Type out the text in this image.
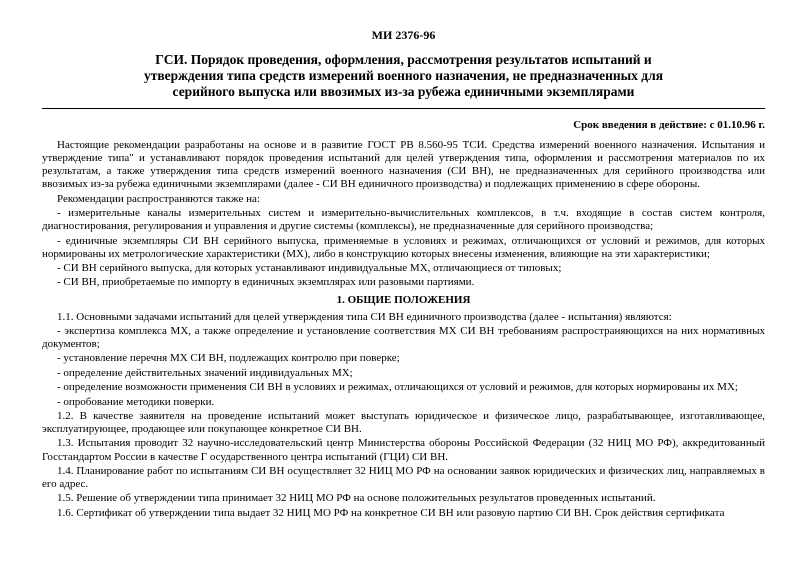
МИ 2376-96
ГСИ. Порядок проведения, оформления, рассмотрения результатов испытаний и утверждения типа средств измерений военного назначения, не предназначенных для серийного выпуска или ввозимых из-за рубежа единичными экземплярами
Срок введения в действие: с 01.10.96 г.
Настоящие рекомендации разработаны на основе и в развитие ГОСТ РВ 8.560-95 ТСИ. Средства измерений военного назначения. Испытания и утверждение типа" и устанавливают порядок проведения испытаний для целей утверждения типа, оформления и рассмотрения материалов по их результатам, а также утверждения типа средств измерений военного назначения (СИ ВН), не предназначенных для серийного производства или ввозимых из-за рубежа единичными экземплярами (далее - СИ ВН единичного производства) и подлежащих применению в сфере обороны.
Рекомендации распространяются также на:
- измерительные каналы измерительных систем и измерительно-вычислительных комплексов, в т.ч. входящие в состав систем контроля, диагностирования, регулирования и управления и другие системы (комплексы), не предназначенные для серийного производства;
- единичные экземпляры СИ ВН серийного выпуска, применяемые в условиях и режимах, отличающихся от условий и режимов, для которых нормированы их метрологические характеристики (МХ), либо в конструкцию которых внесены изменения, влияющие на эти характеристики;
- СИ ВН серийного выпуска, для которых устанавливают индивидуальные МХ, отличающиеся от типовых;
- СИ ВН, приобретаемые по импорту в единичных экземплярах или разовыми партиями.
1. ОБЩИЕ ПОЛОЖЕНИЯ
1.1. Основными задачами испытаний для целей утверждения типа СИ ВН единичного производства (далее - испытания) являются:
- экспертиза комплекса МХ, а также определение и установление соответствия МХ СИ ВН требованиям распространяющихся на них нормативных документов;
- установление перечня МХ СИ ВН, подлежащих контролю при поверке;
- определение действительных значений индивидуальных МХ;
- определение возможности применения СИ ВН в условиях и режимах, отличающихся от условий и режимов, для которых нормированы их МХ;
- опробование методики поверки.
1.2. В качестве заявителя на проведение испытаний может выступать юридическое и физическое лицо, разрабатывающее, изготавливающее, эксплуатирующее, продающее или покупающее конкретное СИ ВН.
1.3. Испытания проводит 32 научно-исследовательский центр Министерства обороны Российской Федерации (32 НИЦ МО РФ), аккредитованный Госстандартом России в качестве Г осударственного центра испытаний (ГЦИ) СИ ВН.
1.4. Планирование работ по испытаниям СИ ВН осуществляет 32 НИЦ МО РФ на основании заявок юридических и физических лиц, направляемых в его адрес.
1.5. Решение об утверждении типа принимает 32 НИЦ МО РФ на основе положительных результатов проведенных испытаний.
1.6. Сертификат об утверждении типа выдает 32 НИЦ МО РФ на конкретное СИ ВН или разовую партию СИ ВН. Срок действия сертификата
